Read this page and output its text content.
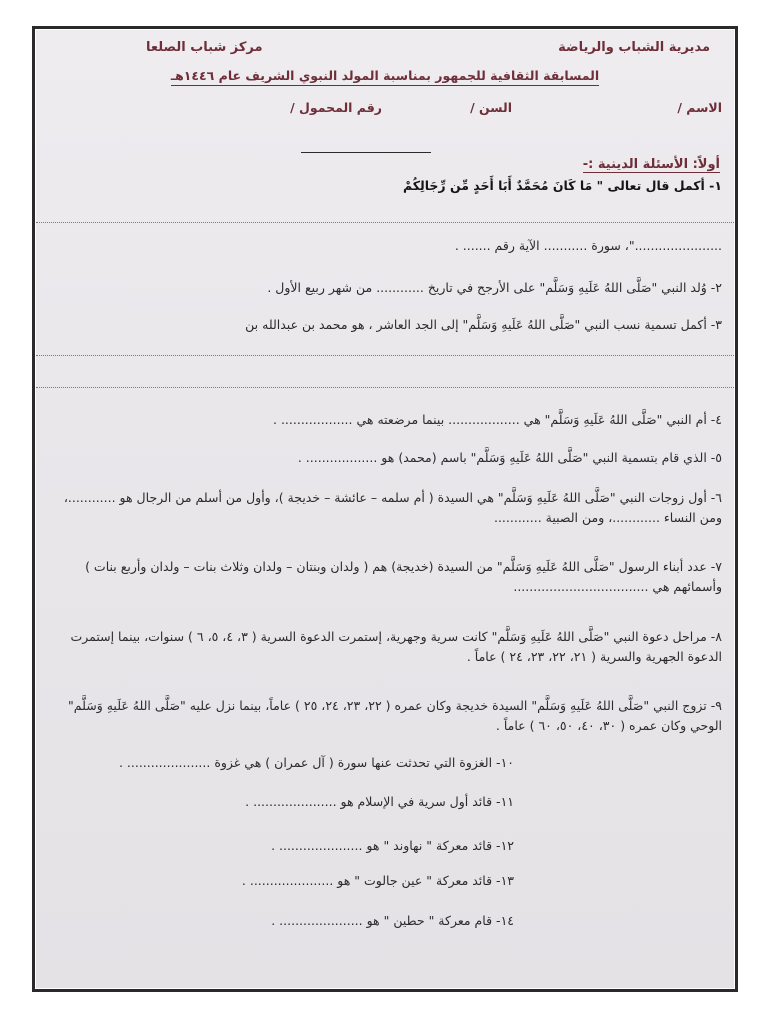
مديرية الشباب والرياضة
مركز شباب الصلعا
المسابقة الثقافية للجمهور بمناسبة المولد النبوي الشريف عام ١٤٤٦هـ
الاسم /
السن /
رقم المحمول /
أولاً: الأسئلة الدينية :-
١- أكمل قال تعالى " مَا كَانَ مُحَمَّدٌ أَبَا أَحَدٍ مِّن رِّجَالِكُمْ
......................"، سورة ........... الآية رقم ....... .
٢- وُلد النبي "صَلَّى اللهُ عَلَيهِ وَسَلَّم" على الأرجح في تاريخ ............ من شهر ربيع الأول .
٣- أكمل تسمية نسب النبي "صَلَّى اللهُ عَلَيهِ وَسَلَّم" إلى الجد العاشر ، هو محمد بن عبدالله بن
٤- أم النبي "صَلَّى اللهُ عَلَيهِ وَسَلَّم" هي .................. بينما مرضعته هي .................. .
٥- الذي قام بتسمية النبي "صَلَّى اللهُ عَلَيهِ وَسَلَّم" باسم (محمد) هو .................. .
٦- أول زوجات النبي "صَلَّى اللهُ عَلَيهِ وَسَلَّم" هي السيدة ( أم سلمه – عائشة – خديجة )، وأول من أسلم من الرجال هو ............، ومن النساء ............، ومن الصبية ............
٧- عدد أبناء الرسول "صَلَّى اللهُ عَلَيهِ وَسَلَّم" من السيدة (خديجة) هم ( ولدان وبنتان – ولدان وثلاث بنات – ولدان وأربع بنات ) وأسمائهم هي ..................................
٨- مراحل دعوة النبي "صَلَّى اللهُ عَلَيهِ وَسَلَّم" كانت سرية وجهرية، إستمرت الدعوة السرية ( ٣، ٤، ٥، ٦ ) سنوات، بينما إستمرت الدعوة الجهرية والسرية ( ٢١، ٢٢، ٢٣، ٢٤ ) عاماً .
٩- تزوج النبي "صَلَّى اللهُ عَلَيهِ وَسَلَّم" السيدة خديجة وكان عمره ( ٢٢، ٢٣، ٢٤، ٢٥ ) عاماً، بينما نزل عليه "صَلَّى اللهُ عَلَيهِ وَسَلَّم" الوحي وكان عمره ( ٣٠، ٤٠، ٥٠، ٦٠ ) عاماً .
١٠- الغزوة التي تحدثت عنها سورة ( آل عمران ) هي غزوة ..................... .
١١- قائد أول سرية في الإسلام هو ..................... .
١٢- قائد معركة " نهاوند " هو ..................... .
١٣- قائد معركة " عين جالوت " هو ..................... .
١٤- قام معركة " حطين " هو ..................... .
